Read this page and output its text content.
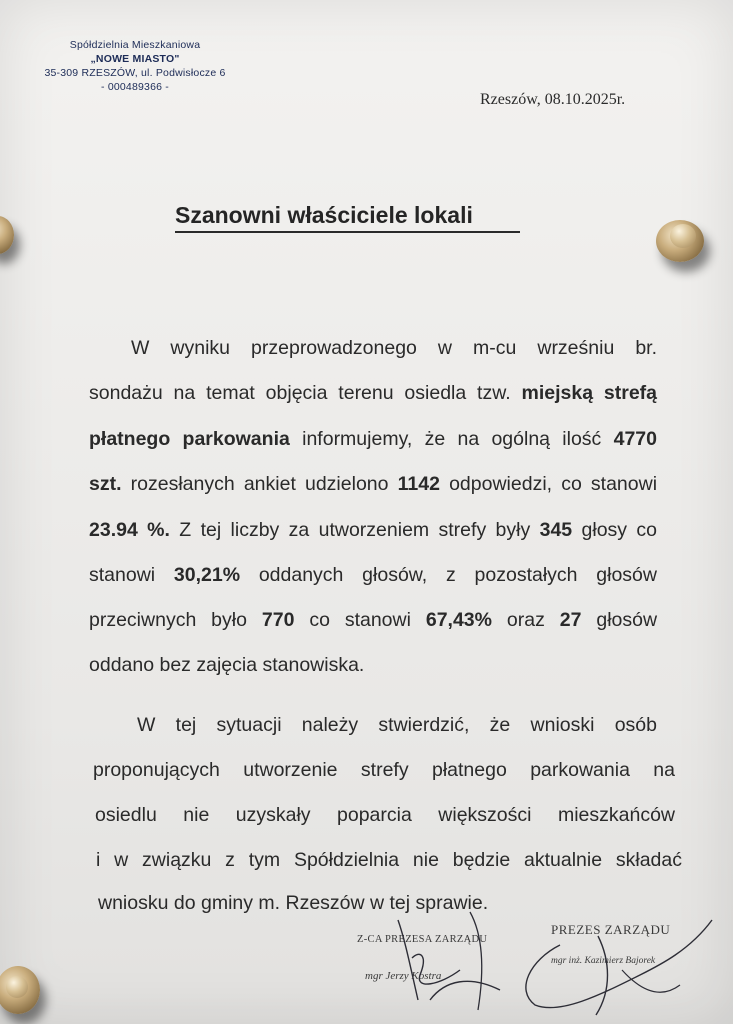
Spółdzielnia Mieszkaniowa
„NOWE MIASTO"
35-309 RZESZÓW, ul. Podwisłocze 6
- 000489366 -
Rzeszów, 08.10.2025r.
Szanowni właściciele lokali
W wyniku przeprowadzonego w m-cu wrześniu br.
sondażu na temat objęcia terenu osiedla tzw. miejską strefą
płatnego parkowania informujemy, że na ogólną ilość 4770
szt. rozesłanych ankiet udzielono 1142 odpowiedzi, co stanowi
23.94 %. Z tej liczby za utworzeniem strefy były 345 głosy co
stanowi 30,21% oddanych głosów, z pozostałych głosów
przeciwnych było 770 co stanowi 67,43% oraz 27 głosów
oddano bez zajęcia stanowiska.
W tej sytuacji należy stwierdzić, że wnioski osób
proponujących utworzenie strefy płatnego parkowania na
osiedlu nie uzyskały poparcia większości mieszkańców
i w związku z tym Spółdzielnia nie będzie aktualnie składać
wniosku do gminy m. Rzeszów w tej sprawie.
Z-CA PREZESA ZARZĄDU
mgr Jerzy Kostra
PREZES ZARZĄDU
mgr inż. Kazimierz Bajorek
